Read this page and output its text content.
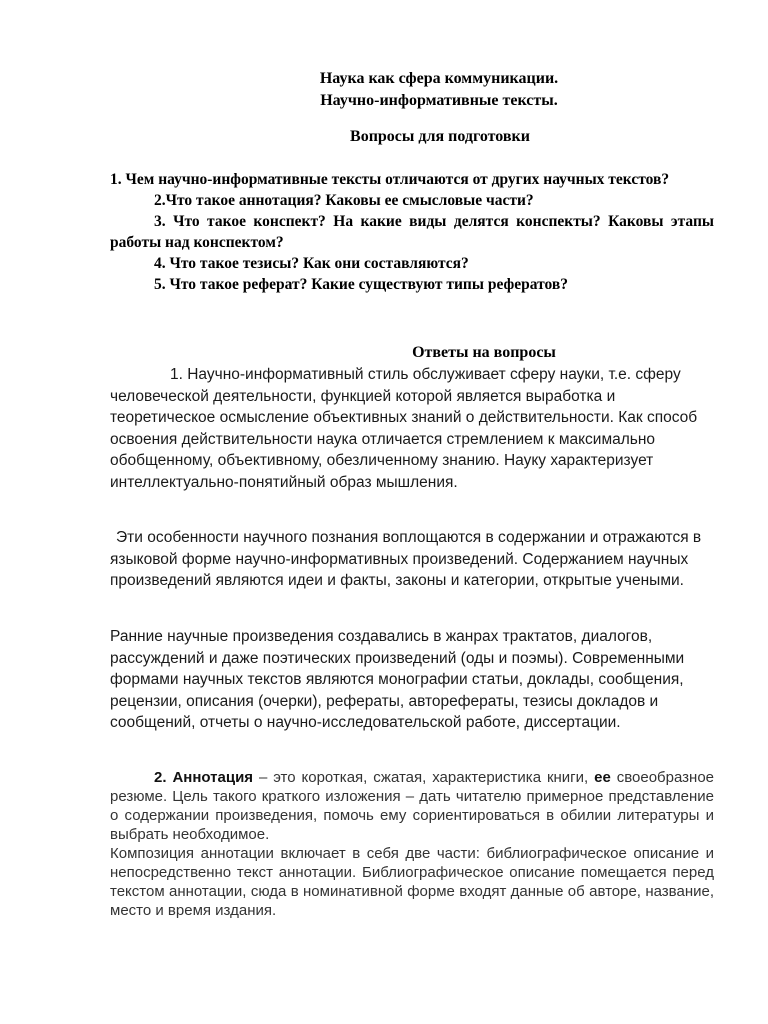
Наука как сфера коммуникации.
Научно-информативные тексты.
Вопросы для подготовки

1. Чем научно-информативные тексты отличаются от других научных текстов?

2.Что такое аннотация? Каковы ее смысловые части?

3. Что такое конспект? На какие виды делятся конспекты? Каковы этапы работы над конспектом?

4. Что такое тезисы? Как они составляются?

5. Что такое реферат? Какие существуют типы рефератов?

Ответы на вопросы

1. Научно-информативный стиль обслуживает сферу науки, т.е. сферу человеческой деятельности, функцией которой является выработка и теоретическое осмысление объективных знаний о действительности. Как способ освоения действительности наука отличается стремлением к максимально обобщенному, объективному, обезличенному знанию. Науку характеризует интеллектуально-понятийный образ мышления.

Эти особенности научного познания воплощаются в содержании и отражаются в языковой форме научно-информативных произведений. Содержанием научных произведений являются идеи и факты, законы и категории, открытые учеными.

Ранние научные произведения создавались в жанрах трактатов, диалогов, рассуждений и даже поэтических произведений (оды и поэмы). Современными формами научных текстов являются монографии статьи, доклады, сообщения, рецензии, описания (очерки), рефераты, авторефераты, тезисы докладов и сообщений, отчеты о научно-исследовательской работе, диссертации.

2. Аннотация – это короткая, сжатая, характеристика книги, ее своеобразное резюме. Цель такого краткого изложения – дать читателю примерное представление о содержании произведения, помочь ему сориентироваться в обилии литературы и выбрать необходимое.

Композиция аннотации включает в себя две части: библиографическое описание и непосредственно текст аннотации. Библиографическое описание помещается перед текстом аннотации, сюда в номинативной форме входят данные об авторе, название, место и время издания.
